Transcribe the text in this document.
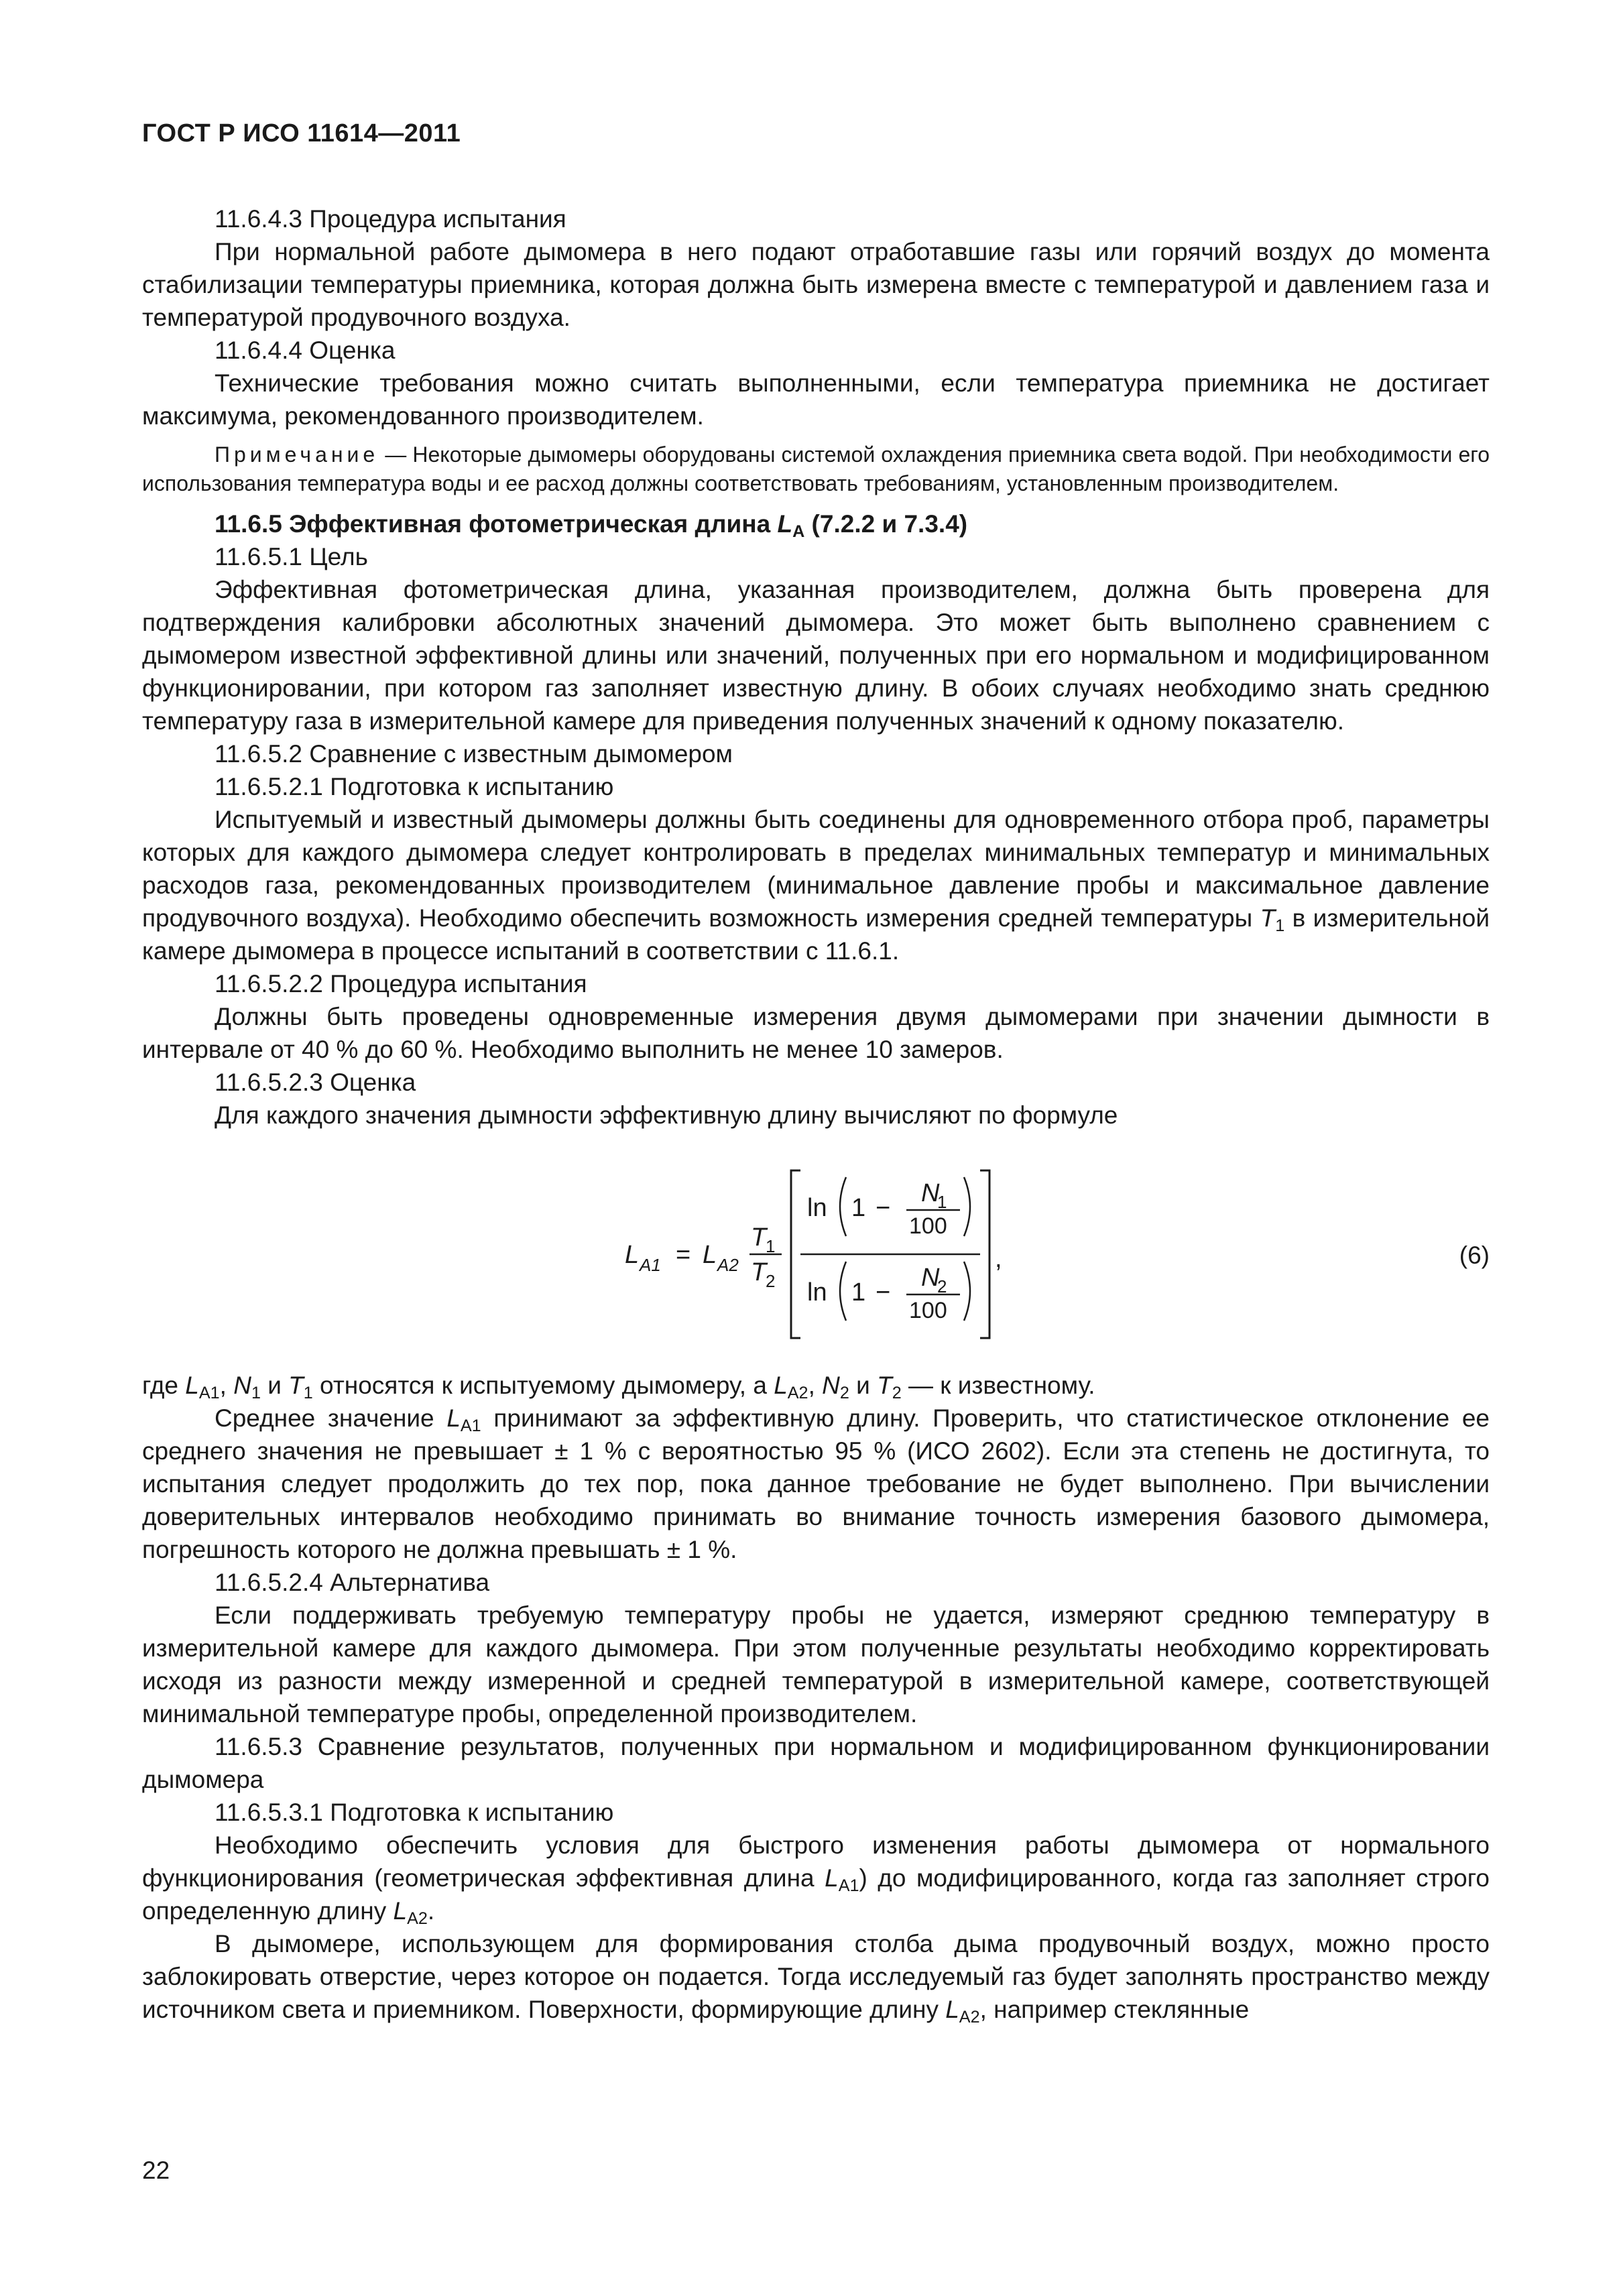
ГОСТ Р ИСО 11614—2011

11.6.4.3 Процедура испытания

При нормальной работе дымомера в него подают отработавшие газы или горячий воздух до момента стабилизации температуры приемника, которая должна быть измерена вместе с температурой и давлением газа и температурой продувочного воздуха.

11.6.4.4 Оценка

Технические требования можно считать выполненными, если температура приемника не достигает максимума, рекомендованного производителем.

Примечание — Некоторые дымомеры оборудованы системой охлаждения приемника света водой. При необходимости его использования температура воды и ее расход должны соответствовать требованиям, установленным производителем.

11.6.5 Эффективная фотометрическая длина $L_A$ (7.2.2 и 7.3.4)

11.6.5.1 Цель

Эффективная фотометрическая длина, указанная производителем, должна быть проверена для подтверждения калибровки абсолютных значений дымомера. Это может быть выполнено сравнением с дымомером известной эффективной длины или значений, полученных при его нормальном и модифицированном функционировании, при котором газ заполняет известную длину. В обоих случаях необходимо знать среднюю температуру газа в измерительной камере для приведения полученных значений к одному показателю.

11.6.5.2 Сравнение с известным дымомером

11.6.5.2.1 Подготовка к испытанию

Испытуемый и известный дымомеры должны быть соединены для одновременного отбора проб, параметры которых для каждого дымомера следует контролировать в пределах минимальных температур и минимальных расходов газа, рекомендованных производителем (минимальное давление пробы и максимальное давление продувочного воздуха). Необходимо обеспечить возможность измерения средней температуры $T_1$ в измерительной камере дымомера в процессе испытаний в соответствии с 11.6.1.

11.6.5.2.2 Процедура испытания

Должны быть проведены одновременные измерения двумя дымомерами при значении дымности в интервале от 40 % до 60 %. Необходимо выполнить не менее 10 замеров.

11.6.5.2.3 Оценка

Для каждого значения дымности эффективную длину вычисляют по формуле

L A1 = L A2
T
1
T
2
ln 1 −
N
1
100
ln 1 −
N
2
100
,	(6)

где $L_{A1}$, $N_1$ и $T_1$ относятся к испытуемому дымомеру, а $L_{A2}$, $N_2$ и $T_2$ — к известному.

Среднее значение $L_{A1}$ принимают за эффективную длину. Проверить, что статистическое отклонение ее среднего значения не превышает ± 1 % с вероятностью 95 % (ИСО 2602). Если эта степень не достигнута, то испытания следует продолжить до тех пор, пока данное требование не будет выполнено. При вычислении доверительных интервалов необходимо принимать во внимание точность измерения базового дымомера, погрешность которого не должна превышать ± 1 %.

11.6.5.2.4 Альтернатива

Если поддерживать требуемую температуру пробы не удается, измеряют среднюю температуру в измерительной камере для каждого дымомера. При этом полученные результаты необходимо корректировать исходя из разности между измеренной и средней температурой в измерительной камере, соответствующей минимальной температуре пробы, определенной производителем.

11.6.5.3 Сравнение результатов, полученных при нормальном и модифицированном функционировании дымомера

11.6.5.3.1 Подготовка к испытанию

Необходимо обеспечить условия для быстрого изменения работы дымомера от нормального функционирования (геометрическая эффективная длина $L_{A1}$) до модифицированного, когда газ заполняет строго определенную длину $L_{A2}$.

В дымомере, использующем для формирования столба дыма продувочный воздух, можно просто заблокировать отверстие, через которое он подается. Тогда исследуемый газ будет заполнять пространство между источником света и приемником. Поверхности, формирующие длину $L_{A2}$, например стеклянные

22
